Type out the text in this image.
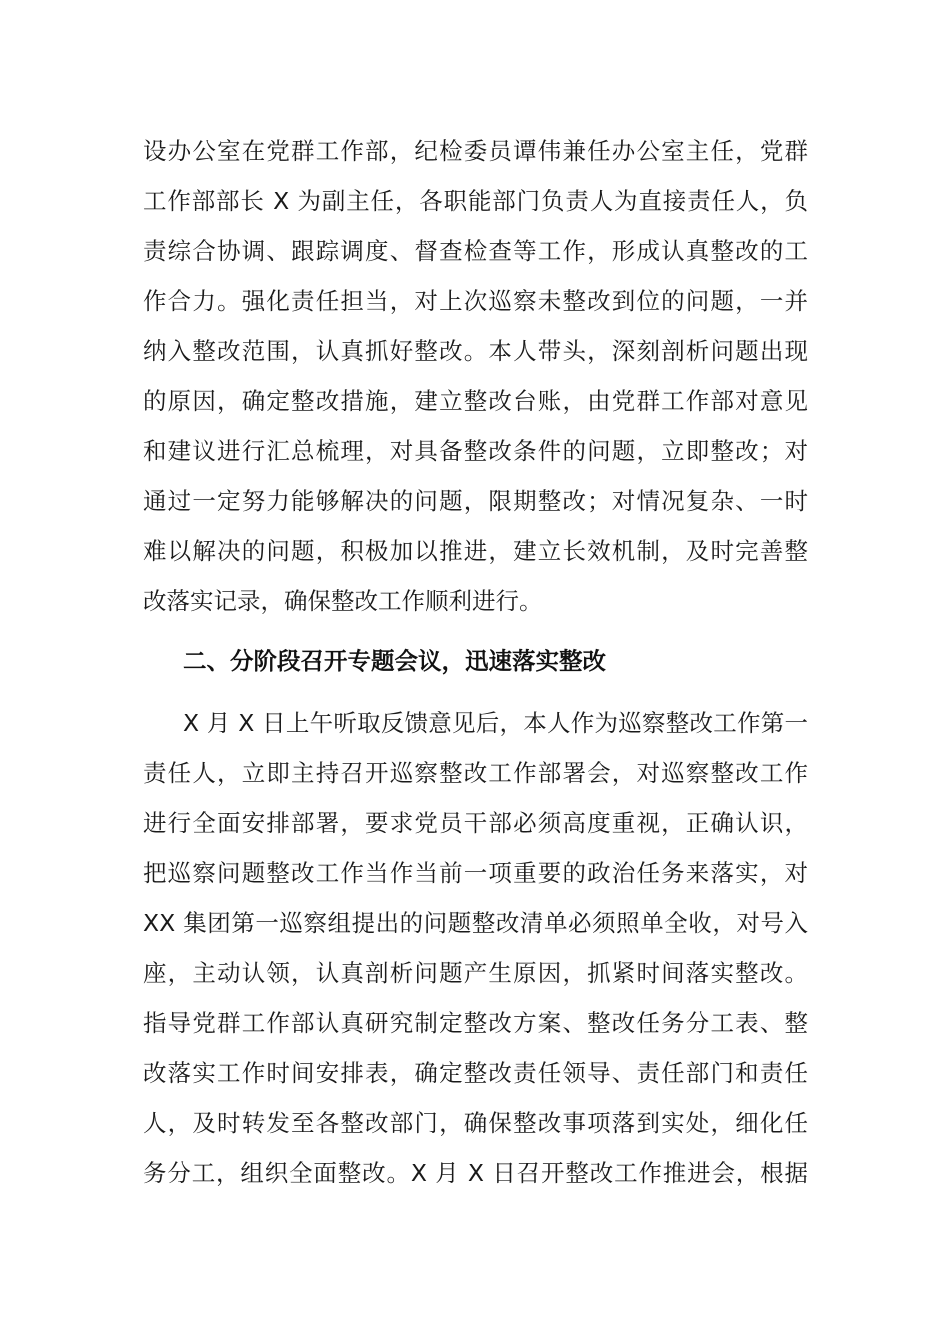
设办公室在党群工作部，纪检委员谭伟兼任办公室主任，党群
工作部部长 X 为副主任，各职能部门负责人为直接责任人，负
责综合协调、跟踪调度、督查检查等工作，形成认真整改的工
作合力。强化责任担当，对上次巡察未整改到位的问题，一并
纳入整改范围，认真抓好整改。本人带头，深刻剖析问题出现
的原因，确定整改措施，建立整改台账，由党群工作部对意见
和建议进行汇总梳理，对具备整改条件的问题，立即整改；对
通过一定努力能够解决的问题，限期整改；对情况复杂、一时
难以解决的问题，积极加以推进，建立长效机制，及时完善整
改落实记录，确保整改工作顺利进行。
二、分阶段召开专题会议，迅速落实整改
X 月 X 日上午听取反馈意见后，本人作为巡察整改工作第一
责任人，立即主持召开巡察整改工作部署会，对巡察整改工作
进行全面安排部署，要求党员干部必须高度重视，正确认识，
把巡察问题整改工作当作当前一项重要的政治任务来落实，对
XX 集团第一巡察组提出的问题整改清单必须照单全收，对号入
座，主动认领，认真剖析问题产生原因，抓紧时间落实整改。
指导党群工作部认真研究制定整改方案、整改任务分工表、整
改落实工作时间安排表，确定整改责任领导、责任部门和责任
人，及时转发至各整改部门，确保整改事项落到实处，细化任
务分工，组织全面整改。X 月 X 日召开整改工作推进会，根据
